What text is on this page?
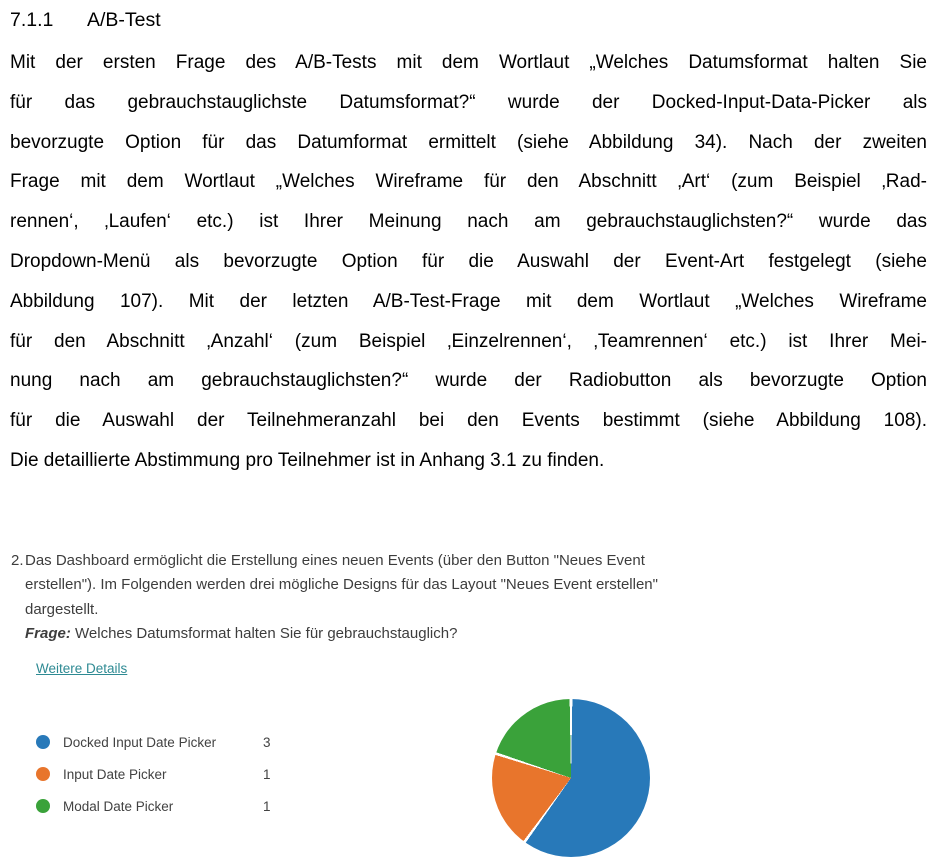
7.1.1 A/B-Test
Mit der ersten Frage des A/B-Tests mit dem Wortlaut „Welches Datumsformat halten Sie
für das gebrauchstauglichste Datumsformat?“ wurde der Docked-Input-Data-Picker als
bevorzugte Option für das Datumformat ermittelt (siehe Abbildung 34). Nach der zweiten
Frage mit dem Wortlaut „Welches Wireframe für den Abschnitt ‚Art‘ (zum Beispiel ‚Rad-
rennen‘, ‚Laufen‘ etc.) ist Ihrer Meinung nach am gebrauchstauglichsten?“ wurde das
Dropdown-Menü als bevorzugte Option für die Auswahl der Event-Art festgelegt (siehe
Abbildung 107). Mit der letzten A/B-Test-Frage mit dem Wortlaut „Welches Wireframe
für den Abschnitt ‚Anzahl‘ (zum Beispiel ‚Einzelrennen‘, ‚Teamrennen‘ etc.) ist Ihrer Mei-
nung nach am gebrauchstauglichsten?“ wurde der Radiobutton als bevorzugte Option
für die Auswahl der Teilnehmeranzahl bei den Events bestimmt (siehe Abbildung 108).
Die detaillierte Abstimmung pro Teilnehmer ist in Anhang 3.1 zu finden.
2. Das Dashboard ermöglicht die Erstellung eines neuen Events (über den Button "Neues Event
erstellen"). Im Folgenden werden drei mögliche Designs für das Layout "Neues Event erstellen"
dargestellt.
Frage: Welches Datumsformat halten Sie für gebrauchstauglich?
Weitere Details
Docked Input Date Picker	3
Input Date Picker	1
Modal Date Picker	1
